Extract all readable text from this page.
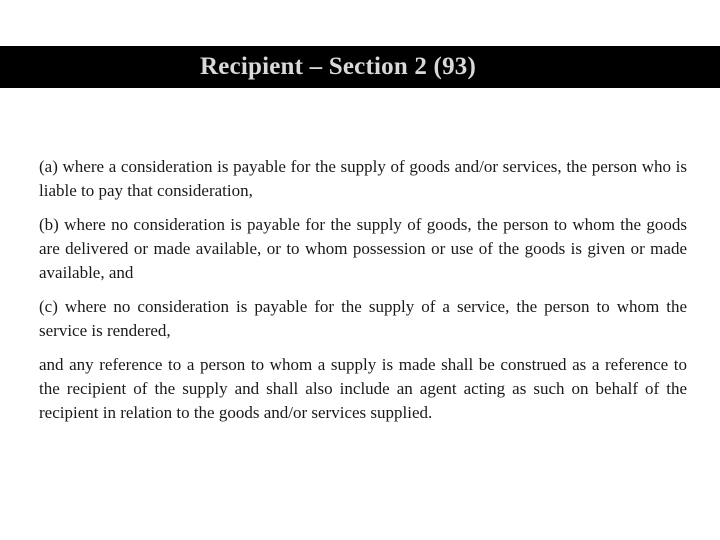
Recipient – Section 2 (93)

(a) where a consideration is payable for the supply of goods and/or services, the person who is liable to pay that consideration,

(b) where no consideration is payable for the supply of goods, the person to whom the goods are delivered or made available, or to whom possession or use of the goods is given or made available, and

(c) where no consideration is payable for the supply of a service, the person to whom the service is rendered,

and any reference to a person to whom a supply is made shall be construed as a reference to the recipient of the supply and shall also include an agent acting as such on behalf of the recipient in relation to the goods and/or services supplied.
